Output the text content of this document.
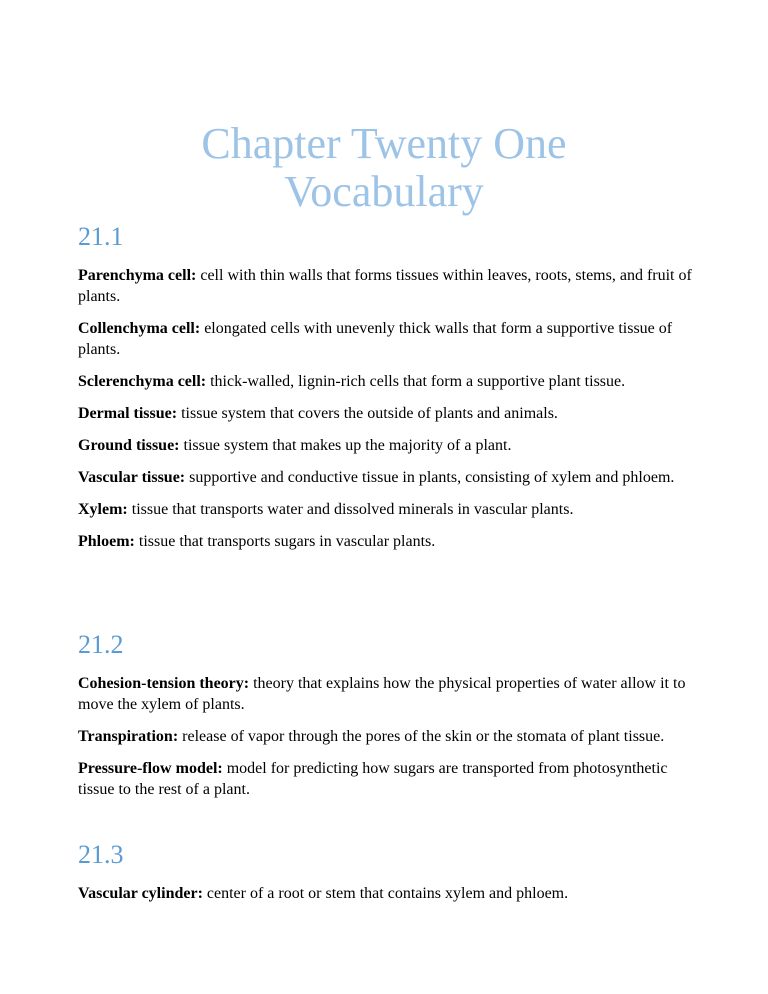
Chapter Twenty One
Vocabulary
21.1

Parenchyma cell: cell with thin walls that forms tissues within leaves, roots, stems, and fruit of plants.

Collenchyma cell: elongated cells with unevenly thick walls that form a supportive tissue of plants.

Sclerenchyma cell: thick-walled, lignin-rich cells that form a supportive plant tissue.

Dermal tissue: tissue system that covers the outside of plants and animals.

Ground tissue: tissue system that makes up the majority of a plant.

Vascular tissue: supportive and conductive tissue in plants, consisting of xylem and phloem.

Xylem: tissue that transports water and dissolved minerals in vascular plants.

Phloem: tissue that transports sugars in vascular plants.

21.2

Cohesion-tension theory: theory that explains how the physical properties of water allow it to move the xylem of plants.

Transpiration: release of vapor through the pores of the skin or the stomata of plant tissue.

Pressure-flow model: model for predicting how sugars are transported from photosynthetic tissue to the rest of a plant.

21.3

Vascular cylinder: center of a root or stem that contains xylem and phloem.
